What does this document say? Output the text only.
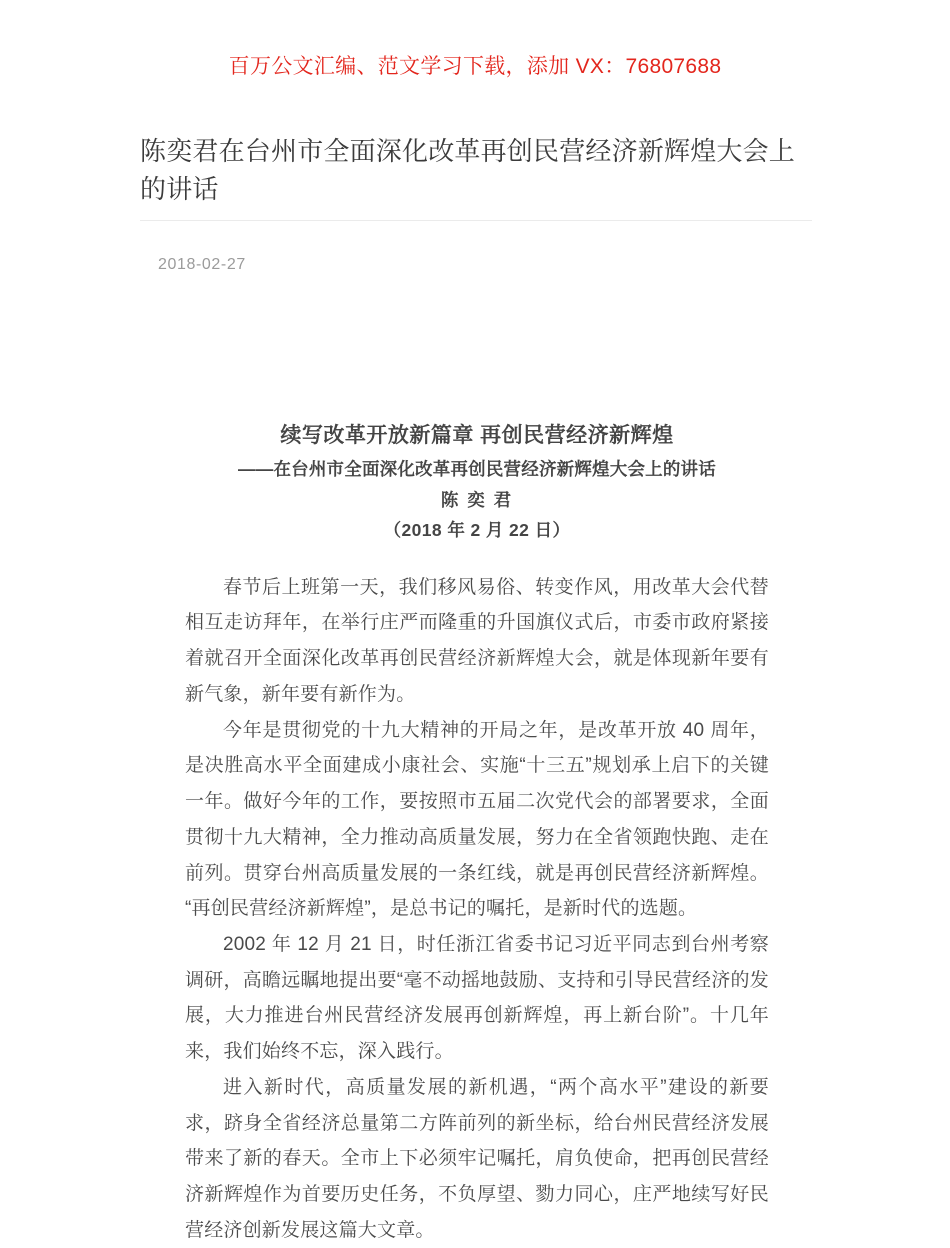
百万公文汇编、范文学习下载，添加 VX：76807688
陈奕君在台州市全面深化改革再创民营经济新辉煌大会上的讲话
2018-02-27
续写改革开放新篇章 再创民营经济新辉煌
——在台州市全面深化改革再创民营经济新辉煌大会上的讲话
陈 奕 君
（2018 年 2 月 22 日）

春节后上班第一天，我们移风易俗、转变作风，用改革大会代替相互走访拜年，在举行庄严而隆重的升国旗仪式后，市委市政府紧接着就召开全面深化改革再创民营经济新辉煌大会，就是体现新年要有新气象，新年要有新作为。

今年是贯彻党的十九大精神的开局之年，是改革开放 40 周年，是决胜高水平全面建成小康社会、实施“十三五”规划承上启下的关键一年。做好今年的工作，要按照市五届二次党代会的部署要求，全面贯彻十九大精神，全力推动高质量发展，努力在全省领跑快跑、走在前列。贯穿台州高质量发展的一条红线，就是再创民营经济新辉煌。“再创民营经济新辉煌”，是总书记的嘱托，是新时代的选题。

2002 年 12 月 21 日，时任浙江省委书记习近平同志到台州考察调研，高瞻远瞩地提出要“毫不动摇地鼓励、支持和引导民营经济的发展，大力推进台州民营经济发展再创新辉煌，再上新台阶”。十几年来，我们始终不忘，深入践行。

进入新时代，高质量发展的新机遇，“两个高水平”建设的新要求，跻身全省经济总量第二方阵前列的新坐标，给台州民营经济发展带来了新的春天。全市上下必须牢记嘱托，肩负使命，把再创民营经济新辉煌作为首要历史任务，不负厚望、勠力同心，庄严地续写好民营经济创新发展这篇大文章。
